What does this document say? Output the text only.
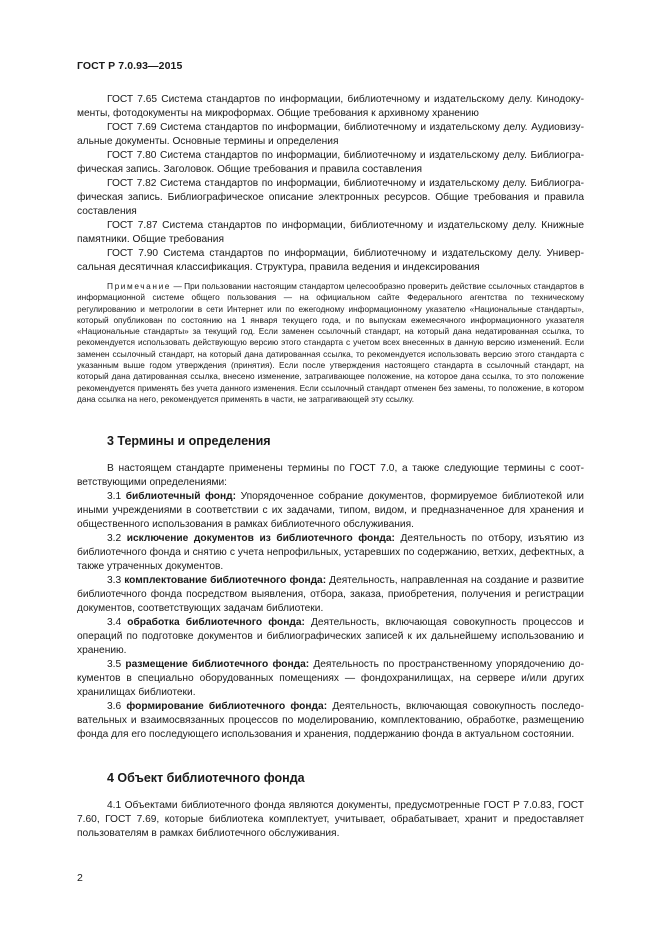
ГОСТ Р 7.0.93—2015

ГОСТ 7.65 Система стандартов по информации, библиотечному и издательскому делу. Кинодокументы, фотодокументы на микроформах. Общие требования к архивному хранению

ГОСТ 7.69 Система стандартов по информации, библиотечному и издательскому делу. Аудиовизуальные документы. Основные термины и определения

ГОСТ 7.80 Система стандартов по информации, библиотечному и издательскому делу. Библиографическая запись. Заголовок. Общие требования и правила составления

ГОСТ 7.82 Система стандартов по информации, библиотечному и издательскому делу. Библиографическая запись. Библиографическое описание электронных ресурсов. Общие требования и правила составления

ГОСТ 7.87 Система стандартов по информации, библиотечному и издательскому делу. Книжные памятники. Общие требования

ГОСТ 7.90 Система стандартов по информации, библиотечному и издательскому делу. Универсальная десятичная классификация. Структура, правила ведения и индексирования

Примечание — При пользовании настоящим стандартом целесообразно проверить действие ссылочных стандартов в информационной системе общего пользования — на официальном сайте Федерального агентства по техническому регулированию и метрологии в сети Интернет или по ежегодному информационному указателю «Национальные стандарты», который опубликован по состоянию на 1 января текущего года, и по выпускам ежемесячного информационного указателя «Национальные стандарты» за текущий год. Если заменен ссылочный стандарт, на который дана недатированная ссылка, то рекомендуется использовать действующую версию этого стандарта с учетом всех внесенных в данную версию изменений. Если заменен ссылочный стандарт, на который дана датированная ссылка, то рекомендуется использовать версию этого стандарта с указанным выше годом утверждения (принятия). Если после утверждения настоящего стандарта в ссылочный стандарт, на который дана датированная ссылка, внесено изменение, затрагивающее положение, на которое дана ссылка, то это положение рекомендуется применять без учета данного изменения. Если ссылочный стандарт отменен без замены, то положение, в котором дана ссылка на него, рекомендуется применять в части, не затрагивающей эту ссылку.
3 Термины и определения

В настоящем стандарте применены термины по ГОСТ 7.0, а также следующие термины с соответствующими определениями:

3.1 библиотечный фонд: Упорядоченное собрание документов, формируемое библиотекой или иными учреждениями в соответствии с их задачами, типом, видом, и предназначенное для хранения и общественного использования в рамках библиотечного обслуживания.

3.2 исключение документов из библиотечного фонда: Деятельность по отбору, изъятию из библиотечного фонда и снятию с учета непрофильных, устаревших по содержанию, ветхих, дефектных, а также утраченных документов.

3.3 комплектование библиотечного фонда: Деятельность, направленная на создание и развитие библиотечного фонда посредством выявления, отбора, заказа, приобретения, получения и регистрации документов, соответствующих задачам библиотеки.

3.4 обработка библиотечного фонда: Деятельность, включающая совокупность процессов и операций по подготовке документов и библиографических записей к их дальнейшему использованию и хранению.

3.5 размещение библиотечного фонда: Деятельность по пространственному упорядочению документов в специально оборудованных помещениях — фондохранилищах, на сервере и/или других хранилищах библиотеки.

3.6 формирование библиотечного фонда: Деятельность, включающая совокупность последовательных и взаимосвязанных процессов по моделированию, комплектованию, обработке, размещению фонда для его последующего использования и хранения, поддержанию фонда в актуальном состоянии.

4 Объект библиотечного фонда

4.1 Объектами библиотечного фонда являются документы, предусмотренные ГОСТ Р 7.0.83, ГОСТ 7.60, ГОСТ 7.69, которые библиотека комплектует, учитывает, обрабатывает, хранит и предоставляет пользователям в рамках библиотечного обслуживания.

2
